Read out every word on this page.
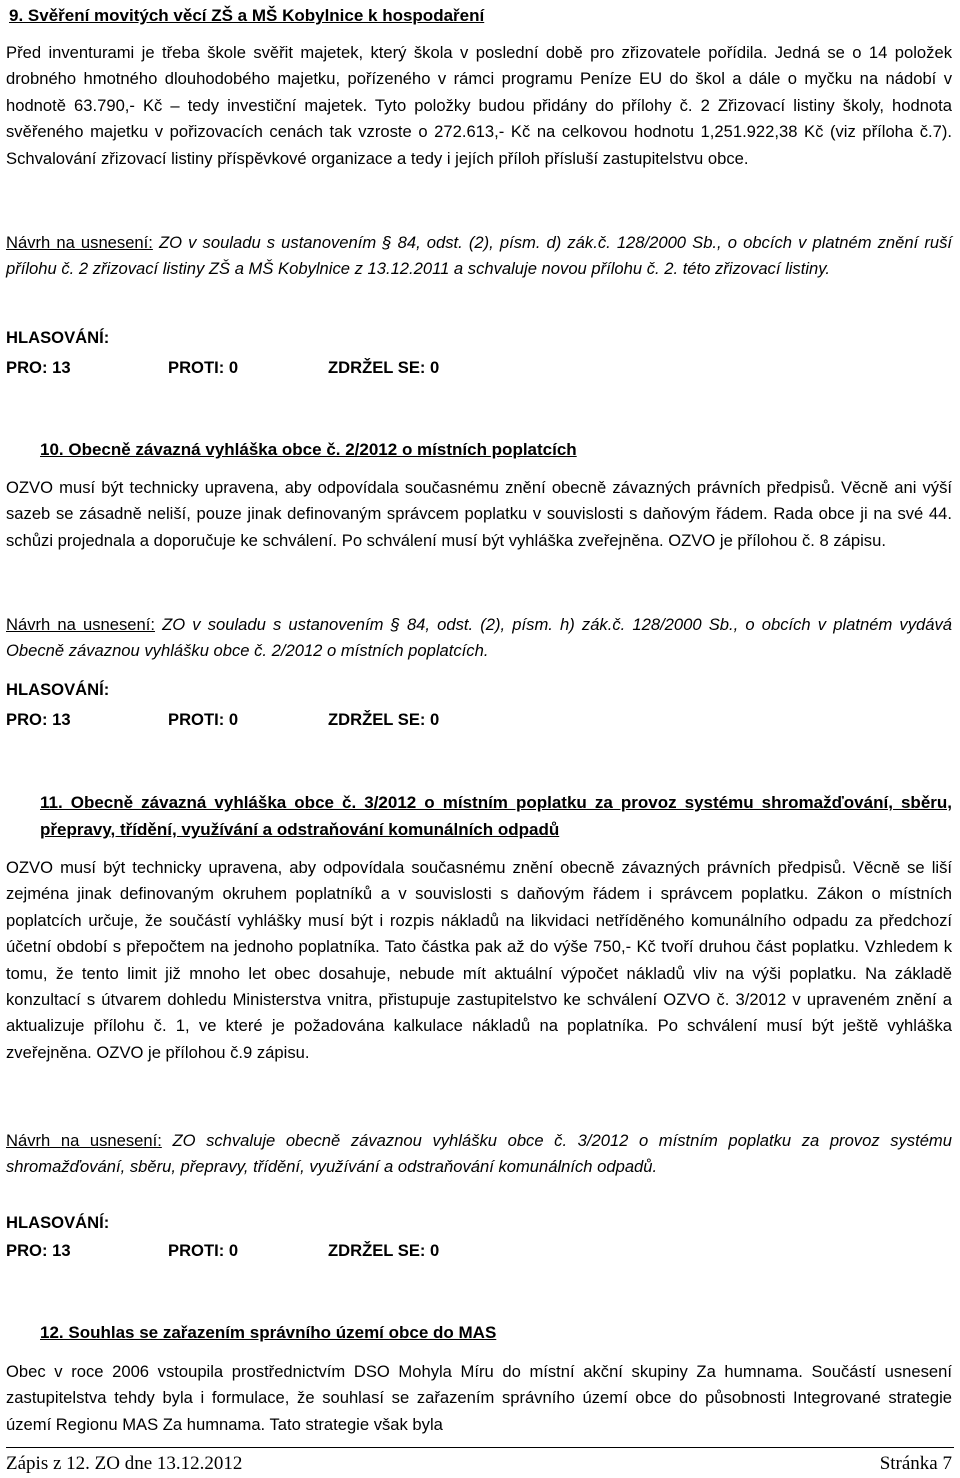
9. Svěření movitých věcí ZŠ a MŠ Kobylnice k hospodaření

Před inventurami je třeba škole svěřit majetek, který škola v poslední době pro zřizovatele pořídila. Jedná se o 14 položek drobného hmotného dlouhodobého majetku, pořízeného v rámci programu Peníze EU do škol a dále o myčku na nádobí v hodnotě 63.790,- Kč – tedy investiční majetek. Tyto položky budou přidány do přílohy č. 2 Zřizovací listiny školy, hodnota svěřeného majetku v pořizovacích cenách tak vzroste o 272.613,- Kč na celkovou hodnotu 1,251.922,38 Kč (viz příloha č.7). Schvalování zřizovací listiny příspěvkové organizace a tedy i jejích příloh přísluší zastupitelstvu obce.

Návrh na usnesení: ZO v souladu s ustanovením § 84, odst. (2), písm. d) zák.č. 128/2000 Sb., o obcích v platném znění ruší přílohu č. 2 zřizovací listiny ZŠ a MŠ Kobylnice z 13.12.2011 a schvaluje novou přílohu č. 2. této zřizovací listiny.

HLASOVÁNÍ:

PRO: 13	PROTI: 0	ZDRŽEL SE: 0
10. Obecně závazná vyhláška obce č. 2/2012 o místních poplatcích

OZVO musí být technicky upravena, aby odpovídala současnému znění obecně závazných právních předpisů. Věcně ani výší sazeb se zásadně neliší, pouze jinak definovaným správcem poplatku v souvislosti s daňovým řádem. Rada obce ji na své 44. schůzi projednala a doporučuje ke schválení. Po schválení musí být vyhláška zveřejněna. OZVO je přílohou č. 8 zápisu.

Návrh na usnesení: ZO v souladu s ustanovením § 84, odst. (2), písm. h) zák.č. 128/2000 Sb., o obcích v platném vydává Obecně závaznou vyhlášku obce č. 2/2012 o místních poplatcích.

HLASOVÁNÍ:

PRO: 13	PROTI: 0	ZDRŽEL SE: 0
11. Obecně závazná vyhláška obce č. 3/2012 o místním poplatku za provoz systému shromažďování, sběru, přepravy, třídění, využívání a odstraňování komunálních odpadů

OZVO musí být technicky upravena, aby odpovídala současnému znění obecně závazných právních předpisů. Věcně se liší zejména jinak definovaným okruhem poplatníků a v souvislosti s daňovým řádem i správcem poplatku. Zákon o místních poplatcích určuje, že součástí vyhlášky musí být i rozpis nákladů na likvidaci netříděného komunálního odpadu za předchozí účetní období s přepočtem na jednoho poplatníka. Tato částka pak až do výše 750,- Kč tvoří druhou část poplatku. Vzhledem k tomu, že tento limit již mnoho let obec dosahuje, nebude mít aktuální výpočet nákladů vliv na výši poplatku. Na základě konzultací s útvarem dohledu Ministerstva vnitra, přistupuje zastupitelstvo ke schválení OZVO č. 3/2012 v upraveném znění a aktualizuje přílohu č. 1, ve které je požadována kalkulace nákladů na poplatníka. Po schválení musí být ještě vyhláška zveřejněna. OZVO je přílohou č.9 zápisu.

Návrh na usnesení: ZO schvaluje obecně závaznou vyhlášku obce č. 3/2012 o místním poplatku za provoz systému shromažďování, sběru, přepravy, třídění, využívání a odstraňování komunálních odpadů.

HLASOVÁNÍ:

PRO: 13	PROTI: 0	ZDRŽEL SE: 0
12. Souhlas se zařazením správního území obce do MAS

Obec v roce 2006 vstoupila prostřednictvím DSO Mohyla Míru do místní akční skupiny Za humnama. Součástí usnesení zastupitelstva tehdy byla i formulace, že souhlasí se zařazením správního území obce do působnosti Integrované strategie území Regionu MAS Za humnama. Tato strategie však byla

Zápis z 12. ZO dne 13.12.2012	Stránka 7
